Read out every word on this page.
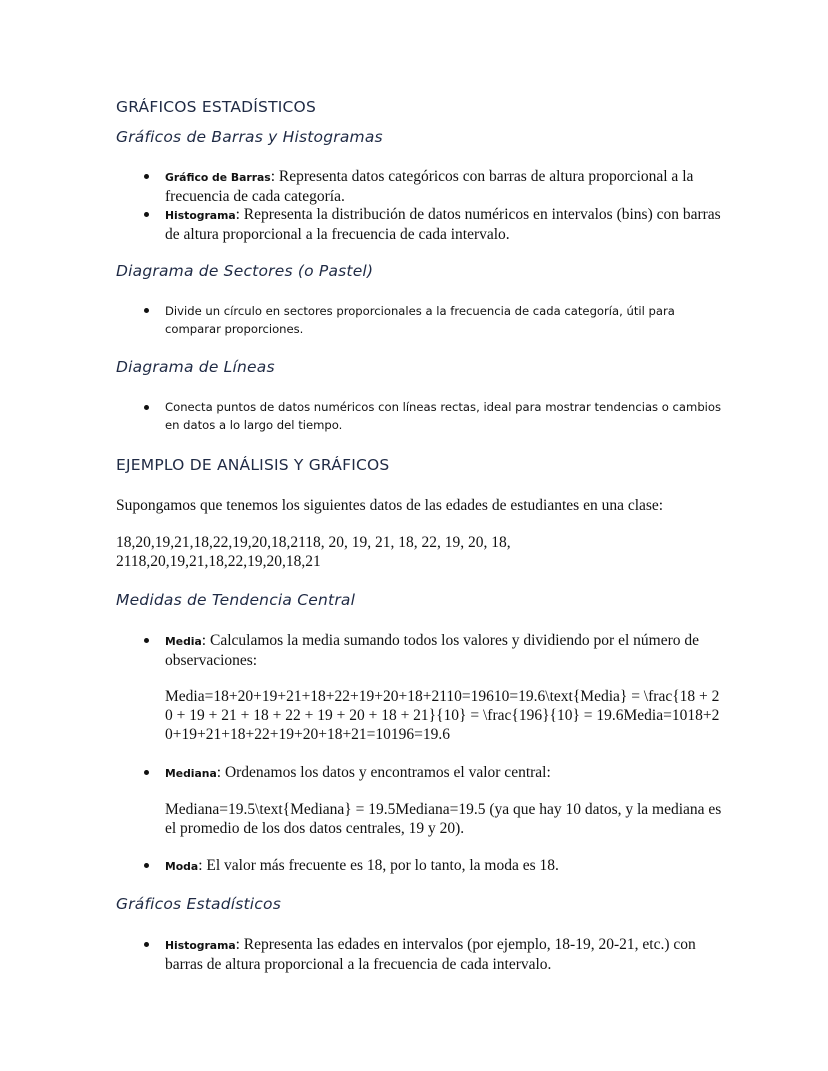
GRÁFICOS ESTADÍSTICOS
Gráficos de Barras y Histogramas
Gráfico de Barras: Representa datos categóricos con barras de altura proporcional a la frecuencia de cada categoría.
Histograma: Representa la distribución de datos numéricos en intervalos (bins) con barras de altura proporcional a la frecuencia de cada intervalo.
Diagrama de Sectores (o Pastel)
Divide un círculo en sectores proporcionales a la frecuencia de cada categoría, útil para comparar proporciones.
Diagrama de Líneas
Conecta puntos de datos numéricos con líneas rectas, ideal para mostrar tendencias o cambios en datos a lo largo del tiempo.
EJEMPLO DE ANÁLISIS Y GRÁFICOS
Supongamos que tenemos los siguientes datos de las edades de estudiantes en una clase:
18,20,19,21,18,22,19,20,18,2118, 20, 19, 21, 18, 22, 19, 20, 18,
2118,20,19,21,18,22,19,20,18,21
Medidas de Tendencia Central
Media: Calculamos la media sumando todos los valores y dividiendo por el número de observaciones:
Media=18+20+19+21+18+22+19+20+18+2110=19610=19.6\text{Media} = \frac{18 + 20 + 19 + 21 + 18 + 22 + 19 + 20 + 18 + 21}{10} = \frac{196}{10} = 19.6Media=1018+20+19+21+18+22+19+20+18+21=10196=19.6
Mediana: Ordenamos los datos y encontramos el valor central:
Mediana=19.5\text{Mediana} = 19.5Mediana=19.5 (ya que hay 10 datos, y la mediana es el promedio de los dos datos centrales, 19 y 20).
Moda: El valor más frecuente es 18, por lo tanto, la moda es 18.
Gráficos Estadísticos
Histograma: Representa las edades en intervalos (por ejemplo, 18-19, 20-21, etc.) con barras de altura proporcional a la frecuencia de cada intervalo.
